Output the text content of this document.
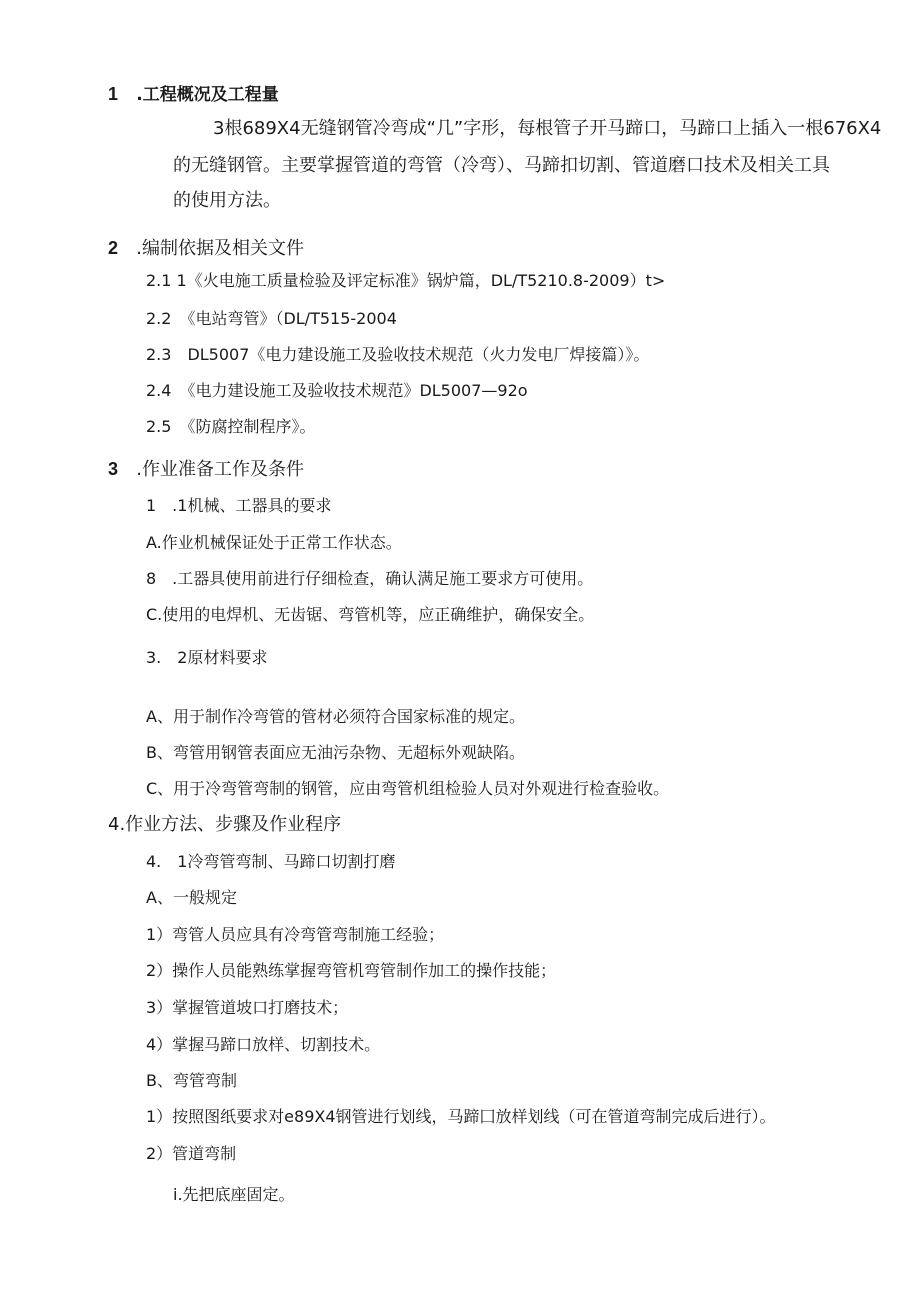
1 .工程概况及工程量
3根689X4无缝钢管冷弯成“几”字形，每根管子开马蹄口，马蹄口上插入一根676X4
的无缝钢管。主要掌握管道的弯管（冷弯）、马蹄扣切割、管道磨口技术及相关工具
的使用方法。
2 .编制依据及相关文件
2.1 1《火电施工质量检验及评定标准》锅炉篇，DL/T5210.8-2009）t>
2.2　《电站弯管》（DL/T515-2004
2.3　DL5007《电力建设施工及验收技术规范（火力发电厂焊接篇）》。
2.4　《电力建设施工及验收技术规范》DL5007—92o
2.5　《防腐控制程序》。
3 .作业准备工作及条件
1　.1机械、工器具的要求
A.作业机械保证处于正常工作状态。
8　.工器具使用前进行仔细检查，确认满足施工要求方可使用。
C.使用的电焊机、无齿锯、弯管机等，应正确维护，确保安全。
3.　2原材料要求
A、用于制作冷弯管的管材必须符合国家标准的规定。
B、弯管用钢管表面应无油污杂物、无超标外观缺陷。
C、用于冷弯管弯制的钢管，应由弯管机组检验人员对外观进行检查验收。
4.作业方法、步骤及作业程序
4.　1冷弯管弯制、马蹄口切割打磨
A、一般规定
1）弯管人员应具有冷弯管弯制施工经验；
2）操作人员能熟练掌握弯管机弯管制作加工的操作技能；
3）掌握管道坡口打磨技术；
4）掌握马蹄口放样、切割技术。
B、弯管弯制
1）按照图纸要求对e89X4钢管进行划线，马蹄囗放样划线（可在管道弯制完成后进行）。
2）管道弯制
i.先把底座固定。
